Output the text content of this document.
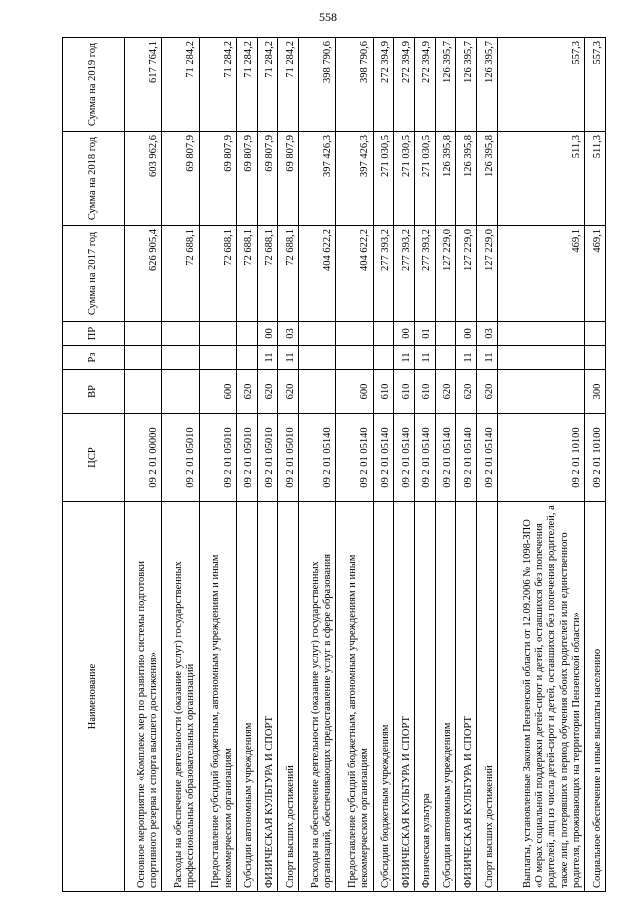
558
Наименование	ЦСР	ВР	Рз	ПР	Сумма на 2017 год	Сумма на 2018 год	Сумма на 2019 год
Основное мероприятие «Комплекс мер по развитию системы подготовки спортивного резерва и спорта высшего достижения»	09 2 01 00000				626 905,4	603 962,6	617 764,1
Расходы на обеспечение деятельности (оказание услуг) государственных профессиональных образовательных организаций	09 2 01 05010				72 688,1	69 807,9	71 284,2
Предоставление субсидий бюджетным, автономным учреждениям и иным некоммерческим организациям	09 2 01 05010	600			72 688,1	69 807,9	71 284,2
Субсидии автономным учреждениям	09 2 01 05010	620			72 688,1	69 807,9	71 284,2
ФИЗИЧЕСКАЯ КУЛЬТУРА И СПОРТ	09 2 01 05010	620	11	00	72 688,1	69 807,9	71 284,2
Спорт высших достижений	09 2 01 05010	620	11	03	72 688,1	69 807,9	71 284,2
Расходы на обеспечение деятельности (оказание услуг) государственных организаций, обеспечивающих предоставление услуг в сфере образования	09 2 01 05140				404 622,2	397 426,3	398 790,6
Предоставление субсидий бюджетным, автономным учреждениям и иным некоммерческим организациям	09 2 01 05140	600			404 622,2	397 426,3	398 790,6
Субсидии бюджетным учреждениям	09 2 01 05140	610			277 393,2	271 030,5	272 394,9
ФИЗИЧЕСКАЯ КУЛЬТУРА И СПОРТ	09 2 01 05140	610	11	00	277 393,2	271 030,5	272 394,9
Физическая культура	09 2 01 05140	610	11	01	277 393,2	271 030,5	272 394,9
Субсидии автономным учреждениям	09 2 01 05140	620			127 229,0	126 395,8	126 395,7
ФИЗИЧЕСКАЯ КУЛЬТУРА И СПОРТ	09 2 01 05140	620	11	00	127 229,0	126 395,8	126 395,7
Спорт высших достижений	09 2 01 05140	620	11	03	127 229,0	126 395,8	126 395,7
Выплаты, установленные Законом Пензенской области от 12.09.2006 № 1098-ЗПО «О мерах социальной поддержки детей-сирот и детей, оставшихся без попечения родителей, лиц из числа детей-сирот и детей, оставшихся без попечения родителей, а также лиц, потерявших в период обучения обоих родителей или единственного родителя, проживающих на территории Пензенской области»	09 2 01 10100				469,1	511,3	557,3
Социальное обеспечение и иные выплаты населению	09 2 01 10100	300			469,1	511,3	557,3
